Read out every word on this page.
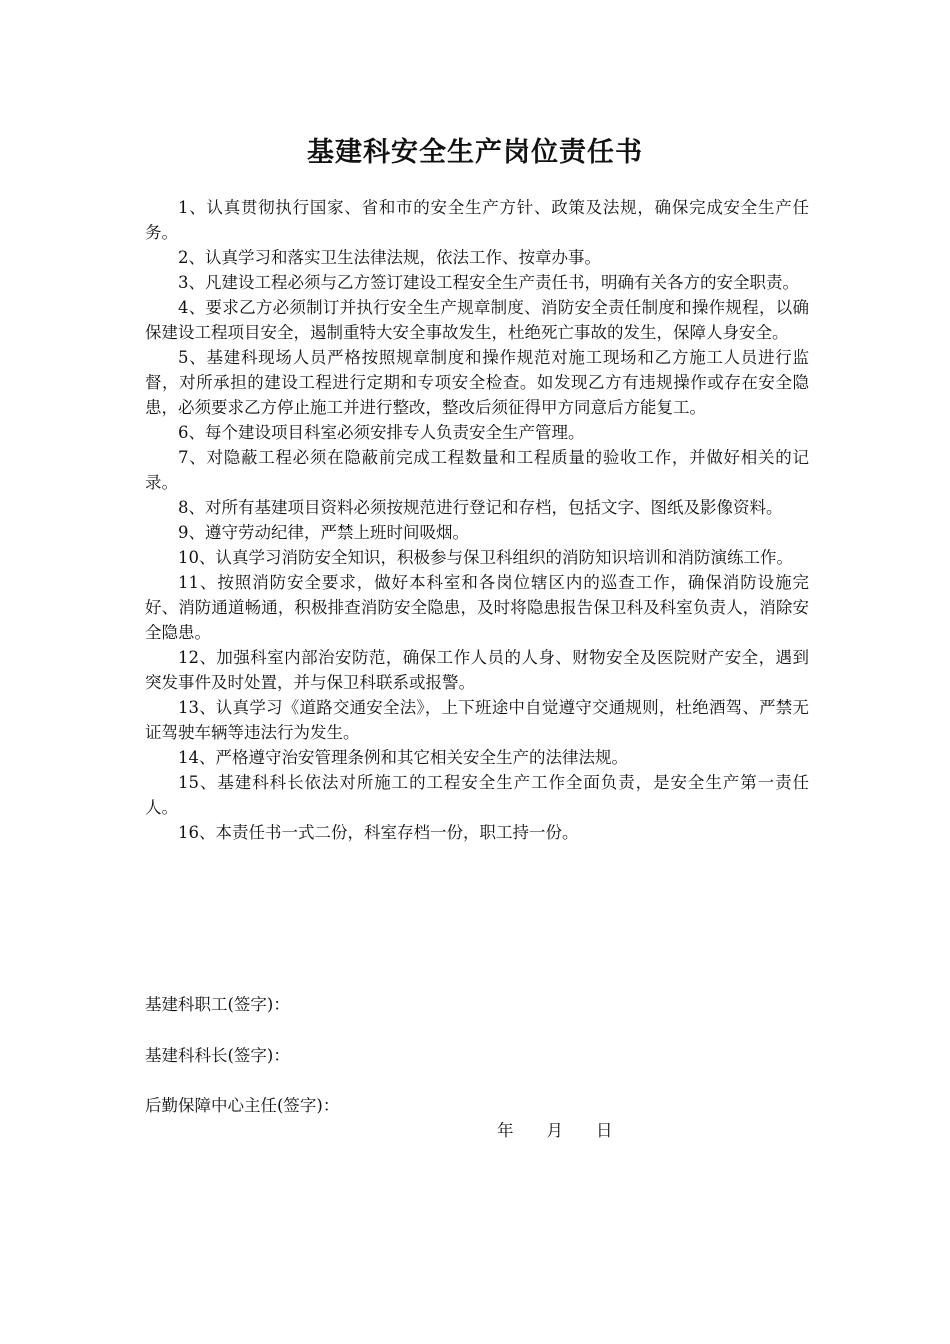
基建科安全生产岗位责任书

1、认真贯彻执行国家、省和市的安全生产方针、政策及法规，确保完成安全生产任务。

2、认真学习和落实卫生法律法规，依法工作、按章办事。

3、凡建设工程必须与乙方签订建设工程安全生产责任书，明确有关各方的安全职责。

4、要求乙方必须制订并执行安全生产规章制度、消防安全责任制度和操作规程，以确保建设工程项目安全，遏制重特大安全事故发生，杜绝死亡事故的发生，保障人身安全。

5、基建科现场人员严格按照规章制度和操作规范对施工现场和乙方施工人员进行监督，对所承担的建设工程进行定期和专项安全检查。如发现乙方有违规操作或存在安全隐患，必须要求乙方停止施工并进行整改，整改后须征得甲方同意后方能复工。

6、每个建设项目科室必须安排专人负责安全生产管理。

7、对隐蔽工程必须在隐蔽前完成工程数量和工程质量的验收工作，并做好相关的记录。

8、对所有基建项目资料必须按规范进行登记和存档，包括文字、图纸及影像资料。

9、遵守劳动纪律，严禁上班时间吸烟。

10、认真学习消防安全知识，积极参与保卫科组织的消防知识培训和消防演练工作。

11、按照消防安全要求，做好本科室和各岗位辖区内的巡查工作，确保消防设施完好、消防通道畅通，积极排查消防安全隐患，及时将隐患报告保卫科及科室负责人，消除安全隐患。

12、加强科室内部治安防范，确保工作人员的人身、财物安全及医院财产安全，遇到突发事件及时处置，并与保卫科联系或报警。

13、认真学习《道路交通安全法》，上下班途中自觉遵守交通规则，杜绝酒驾、严禁无证驾驶车辆等违法行为发生。

14、严格遵守治安管理条例和其它相关安全生产的法律法规。

15、基建科科长依法对所施工的工程安全生产工作全面负责，是安全生产第一责任人。

16、本责任书一式二份，科室存档一份，职工持一份。

基建科职工(签字)：
基建科科长(签字)：
后勤保障中心主任(签字)：
年　　月　　日
